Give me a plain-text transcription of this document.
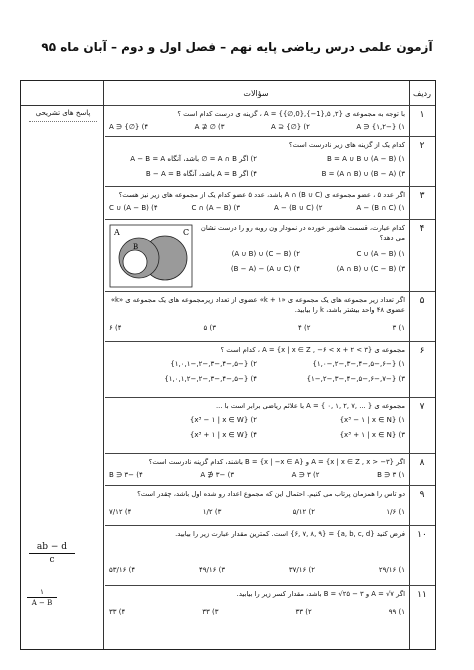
آزمون علمی درس ریاضی پایه نهم – فصل اول و دوم – آبان ماه ۹۵
ردیف
سؤالات
پاسخ ‌های تشریحی	۱
با توجه به مجموعه ی A = {{∅,0},{−1},۵ ,۲} ، گزینه ی درست کدام است ؟
۱) {−۱,۲} ∈ A
۲) {∅} ⊆ A
۳) ∅ ⊈ A
۴) {∅} ∈ A
۲
کدام یک از گزینه های زیر نادرست است؟
۱) (A − B) ∪ B = A ∪ B
۲) اگر A ∩ B = ∅ باشد، آنگاه A − B = A
۳) (B − A) ∪ (A ∩ B) = B
۴) اگر A = B باشد، آنگاه B − A = B
۳
اگر عدد ۵ ، عضو مجموعه ی A ∩ (B ∪ C) باشد، عدد ۵ عضو کدام یک از مجموعه های زیر نیز هست؟
۱) A − (B ∩ C)
۲) (B ∪ C) − A
۳) (A − B) ∩ C
۴) (A − B) ∪ C
۴
کدام عبارت، قسمت هاشور خورده در نمودار ون روبه رو را درست نشان
می دهد؟
۱) (A − B) ∪ C
۲) (C − B) ∪ (A ∪ B)
۳) (C − B) ∪ (A ∩ B)
۴) (A ∪ C) − (B − A)
A
B
C
۵
اگر تعداد زیر مجموعه های یک مجموعه ی «k + ۱» عضوی از تعداد زیرمجموعه های یک مجموعه ی «k»
عضوی ۴۸ واحد بیشتر باشد، k را بیابید.
۱) ۳
۲) ۴
۳) ۵
۴) ۶
۶
مجموعه ی A = {x | x ∈ Z , −۶ < x + ۲ < ۳} ، کدام است ؟
۱) {−۶,−۵,−۴,−۳,−۲,−۱,۰}
۲) {−۵,−۴,−۳,−۲,−۱,۰,۱}
۳) {−۷,−۶,−۵,−۴,−۳,−۲,−۱}
۴) {−۵,−۴,−۳,−۲,−۱,۰,۱,۲}
۷
مجموعه ی A = { ۰, ۱, ۲, ۷, ... } با علائم ریاضی برابر است با ...
۱) {x³ − ۱ | x ∈ N}
۲) {x³ − ۱ | x ∈ W}
۳) {x³ + ۱ | x ∈ N}
۴) {x³ + ۱ | x ∈ W}
۸
اگر A = {x | x ∈ Z , x > −۳} و B = {x | −x ∈ A} باشند، کدام گزینه نادرست است؟
۱) ۳ ∈ B
۲) ۳ ∈ A
۳) −۳ ∉ A
۴) −۳ ∈ B
۹
دو تاس را همزمان پرتاب می کنیم. احتمال این که مجموع اعداد رو شده اول باشد، چقدر است؟
۱) ۱/۶
۲) ۵/۱۲
۳) ۱/۲
۴) ۷/۱۲
۱۰
فرض کنید {a, b, c, d} = {۶, ۷, ۸, ۹} است. کمترین مقدار عبارت زیر را بیابید.
۱) ۲۹/۱۶
۲) ۳۷/۱۶
۳) ۴۹/۱۶
۴) ۵۳/۱۶
ab − d
c
۱۱
اگر A = √۷ و B = √۲۵ − ۳ باشد، مقدار کسر زیر را بیابید.
۱) ۹۹
۲) ۳۳
۳) ۳۳
۴) ۳۳
۱
A − B
